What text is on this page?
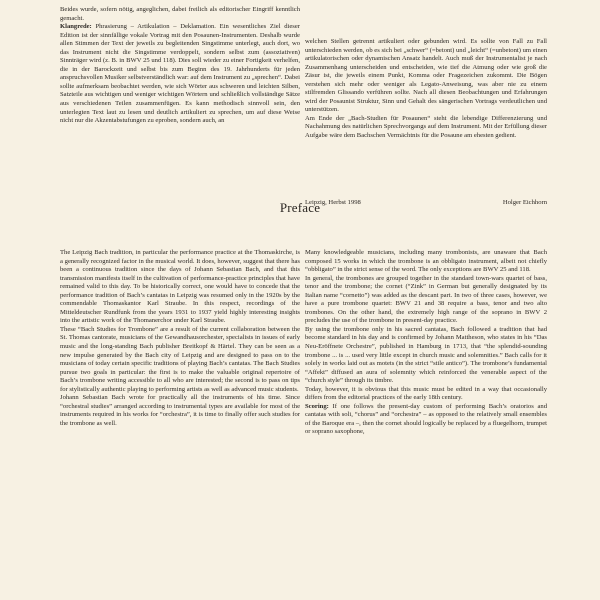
Beides wurde, sofern nötig, angeglichen, dabei freilich als editorischer Eingriff kenntlich gemacht.

Klangrede: Phrasierung – Artikulation – Deklamation. Ein wesentliches Ziel dieser Edition ist der sinnfällige vokale Vortrag mit den Posaunen-Instrumenten. Deshalb wurde allen Stimmen der Text der jeweils zu begleitenden Singstimme unterlegt, auch dort, wo das Instrument nicht die Singstimme verdoppelt, sondern selbst zum (assoziativen) Sinnträger wird (z. B. in BWV 25 und 118). Dies soll wieder zu einer Fortigkeit verhelfen, die in der Barockzeit und selbst bis zum Beginn des 19. Jahrhunderts für jeden anspruchsvollen Musiker selbstverständlich war: auf dem Instrument zu „sprechen“. Dabei sollte aufmerksam beobachtet werden, wie sich Wörter aus schweren und leichten Silben, Satzteile aus wichtigen und weniger wichtigen Wörtern und schließlich vollständige Sätze aus verschiedenen Teilen zusammenfügen. Es kann methodisch sinnvoll sein, den unterlegten Text laut zu lesen und deutlich artikuliert zu sprechen, um auf diese Weise nicht nur die Akzentabstufungen zu eproben, sondern auch, an

welchen Stellen getrennt artikuliert oder gebunden wird. Es sollte von Fall zu Fall unterschieden werden, ob es sich bei „schwer“ (=betont) und „leicht“ (=unbetont) um einen artikulatorischen oder dynamischen Ansatz handelt. Auch muß der Instrumentalist je nach Zusammenhang unterscheiden und entscheiden, wie tief die Atmung oder wie groß die Zäsur ist, die jeweils einem Punkt, Komma oder Fragezeichen zukommt. Die Bögen verstehen sich mehr oder weniger als Legato-Anweisung, was aber nie zu einem stilfremden Glissando verführen sollte. Nach all diesen Beobachtungen und Erfahrungen wird der Posaunist Struktur, Sinn und Gehalt des sängerischen Vortrags verdeutlichen und unterstützen.

Am Ende der „Bach-Studien für Posaunen“ steht die lebendige Differenzierung und Nachahmung des natürlichen Sprechvorgangs auf dem Instrument. Mit der Erfüllung dieser Aufgabe wäre dem Bachschen Vermächtnis für die Posaune am ehesten gedient.

Leipzig, Herbst 1998	Holger Eichhorn
Preface

The Leipzig Bach tradition, in particular the performance practice at the Thomaskirche, is a generally recognized factor in the musical world. It does, however, suggest that there has been a continuous tradition since the days of Johann Sebastian Bach, and that this transmission manifests itself in the cultivation of performance-practice principles that have remained valid to this day. To be historically correct, one would have to concede that the performance tradition of Bach’s cantatas in Leipzig was resumed only in the 1920s by the commendable Thomaskantor Karl Straube. In this respect, recordings of the Mitteldeutscher Rundfunk from the years 1931 to 1937 yield highly interesting insights into the artistic work of the Thomanerchor under Karl Straube.

These “Bach Studies for Trombone” are a result of the current collaboration between the St. Thomas cantorate, musicians of the Gewandhausorchester, specialists in issues of early music and the long-standing Bach publisher Breitkopf & Härtel. They can be seen as a new impulse generated by the Bach city of Leipzig and are designed to pass on to the musicians of today certain specific traditions of playing Bach’s cantatas. The Bach Studies pursue two goals in particular: the first is to make the valuable original repertoire of Bach’s trombone writing accessible to all who are interested; the second is to pass on tips for stylistically authentic playing to performing artists as well as advanced music students.

Johann Sebastian Bach wrote for practically all the instruments of his time. Since “orchestral studies” arranged according to instrumental types are available for most of the instruments required in his works for “orchestra”, it is time to finally offer such studies for the trombone as well.

Many knowledgeable musicians, including many trombonists, are unaware that Bach composed 15 works in which the trombone is an obbligato instrument, albeit not chiefly “obbligato” in the strict sense of the word. The only exceptions are BWV 25 and 118.

In general, the trombones are grouped together in the standard town-wars quartet of bass, tenor and the trombone; the cornet (“Zink” in German but generally designated by its Italian name “cornetto”) was added as the descant part. In two of three cases, however, we have a pure trombone quartet: BWV 21 and 38 require a bass, tenor and two alto trombones. On the other hand, the extremely high range of the soprano in BWV 2 precludes the use of the trombone in present-day practice.

By using the trombone only in his sacred cantatas, Bach followed a tradition that had become standard in his day and is confirmed by Johann Mattheson, who states in his “Das Neu-Eröffnete Orchestre”, published in Hamburg in 1713, that “the splendid-sounding trombone ... is ... used very little except in church music and solemnities.” Bach calls for it solely in works laid out as motets (in the strict “stile antico”). The trombone’s fundamental “Affekt” diffused an aura of solemnity which reinforced the venerable aspect of the “church style” through its timbre.

Today, however, it is obvious that this music must be edited in a way that occasionally differs from the editorial practices of the early 18th century.

Scoring: If one follows the present-day custom of performing Bach’s oratorios and cantatas with soli, “chorus” and “orchestra” – as opposed to the relatively small ensembles of the Baroque era –, then the cornet should logically be replaced by a fluegelhorn, trumpet or soprano saxophone,
